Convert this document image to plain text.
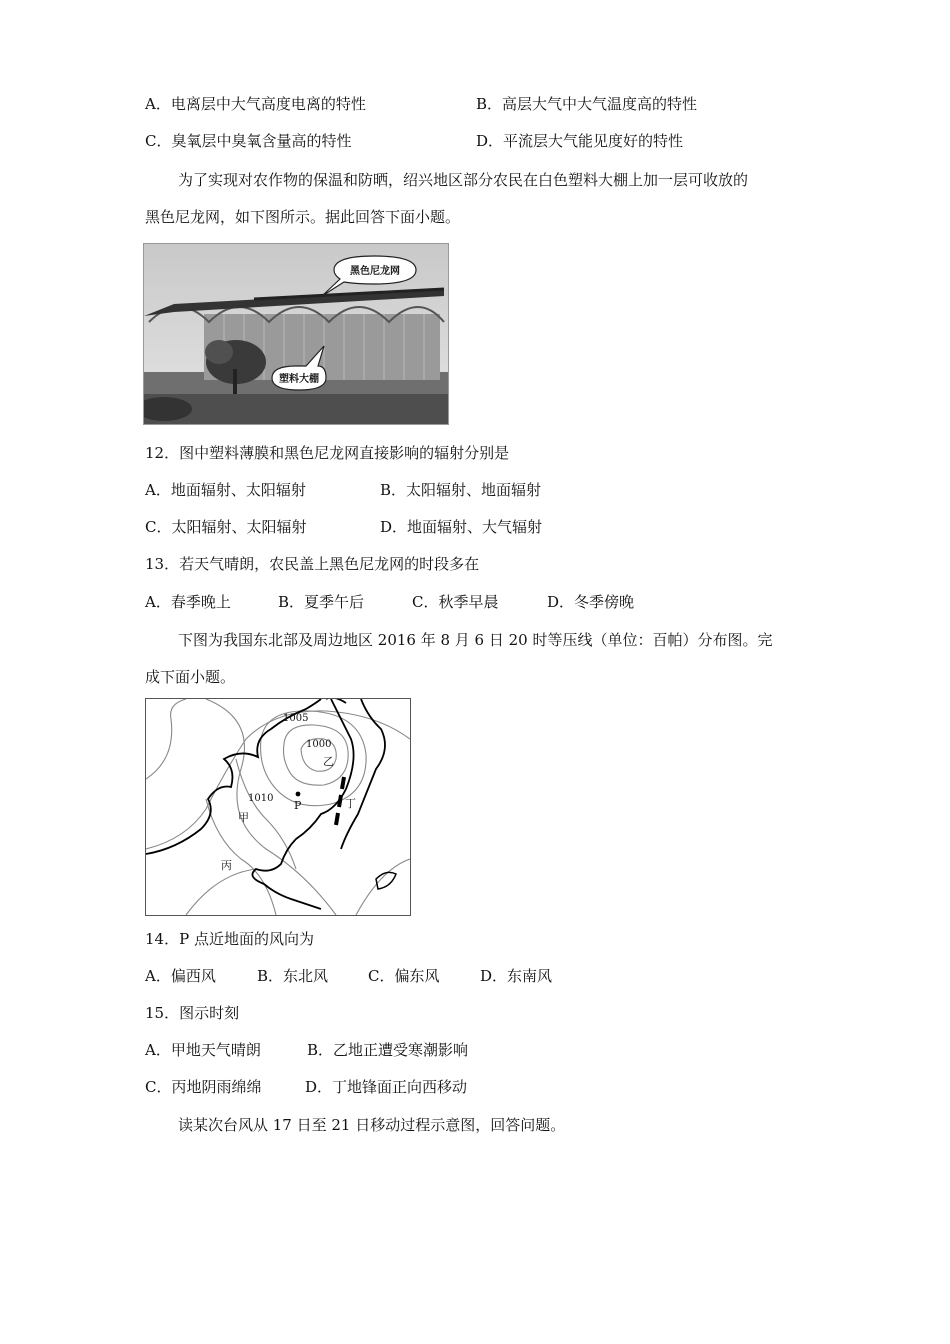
A．电离层中大气高度电离的特性	B．高层大气中大气温度高的特性
C．臭氧层中臭氧含量高的特性	D．平流层大气能见度好的特性
为了实现对农作物的保温和防晒，绍兴地区部分农民在白色塑料大棚上加一层可收放的
黑色尼龙网，如下图所示。据此回答下面小题。
黑色尼龙网
塑料大棚
12．图中塑料薄膜和黑色尼龙网直接影响的辐射分别是
A．地面辐射、太阳辐射	B．太阳辐射、地面辐射
C．太阳辐射、太阳辐射	D．地面辐射、大气辐射
13．若天气晴朗，农民盖上黑色尼龙网的时段多在
A．春季晚上	B．夏季午后	C．秋季早晨	D．冬季傍晚
下图为我国东北部及周边地区 2016 年 8 月 6 日 20 时等压线（单位：百帕）分布图。完
成下面小题。
1005
1000
1010
乙
P	丁
甲
丙
14．P 点近地面的风向为
A．偏西风	B．东北风	C．偏东风	D．东南风
15．图示时刻
A．甲地天气晴朗	B．乙地正遭受寒潮影响
C．丙地阴雨绵绵	D．丁地锋面正向西移动
读某次台风从 17 日至 21 日移动过程示意图，回答问题。
